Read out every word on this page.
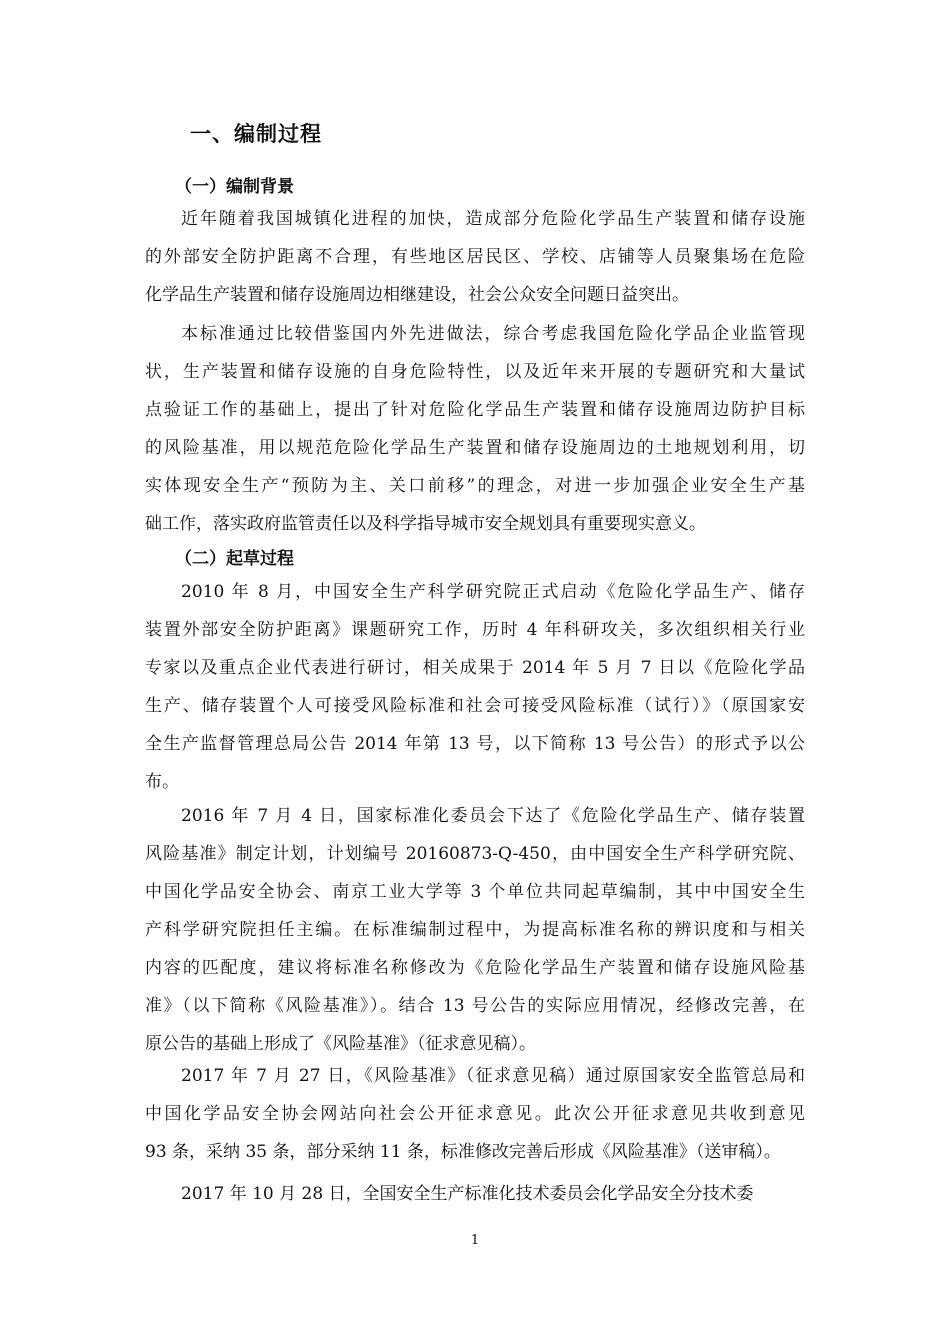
一、编制过程
（一）编制背景
近年随着我国城镇化进程的加快，造成部分危险化学品生产装置和储存设施
的外部安全防护距离不合理，有些地区居民区、学校、店铺等人员聚集场在危险
化学品生产装置和储存设施周边相继建设，社会公众安全问题日益突出。
本标准通过比较借鉴国内外先进做法，综合考虑我国危险化学品企业监管现
状，生产装置和储存设施的自身危险特性，以及近年来开展的专题研究和大量试
点验证工作的基础上，提出了针对危险化学品生产装置和储存设施周边防护目标
的风险基准，用以规范危险化学品生产装置和储存设施周边的土地规划利用，切
实体现安全生产“预防为主、关口前移”的理念，对进一步加强企业安全生产基
础工作，落实政府监管责任以及科学指导城市安全规划具有重要现实意义。
（二）起草过程
2010 年 8 月，中国安全生产科学研究院正式启动《危险化学品生产、储存
装置外部安全防护距离》课题研究工作，历时 4 年科研攻关，多次组织相关行业
专家以及重点企业代表进行研讨，相关成果于 2014 年 5 月 7 日以《危险化学品
生产、储存装置个人可接受风险标准和社会可接受风险标准（试行）》（原国家安
全生产监督管理总局公告 2014 年第 13 号，以下简称 13 号公告）的形式予以公
布。
2016 年 7 月 4 日，国家标准化委员会下达了《危险化学品生产、储存装置
风险基准》制定计划，计划编号 20160873-Q-450，由中国安全生产科学研究院、
中国化学品安全协会、南京工业大学等 3 个单位共同起草编制，其中中国安全生
产科学研究院担任主编。在标准编制过程中，为提高标准名称的辨识度和与相关
内容的匹配度，建议将标准名称修改为《危险化学品生产装置和储存设施风险基
准》（以下简称《风险基准》）。结合 13 号公告的实际应用情况，经修改完善，在
原公告的基础上形成了《风险基准》（征求意见稿）。
2017 年 7 月 27 日，《风险基准》（征求意见稿）通过原国家安全监管总局和
中国化学品安全协会网站向社会公开征求意见。此次公开征求意见共收到意见
93 条，采纳 35 条，部分采纳 11 条，标准修改完善后形成《风险基准》（送审稿）。
2017 年 10 月 28 日，全国安全生产标准化技术委员会化学品安全分技术委
1
